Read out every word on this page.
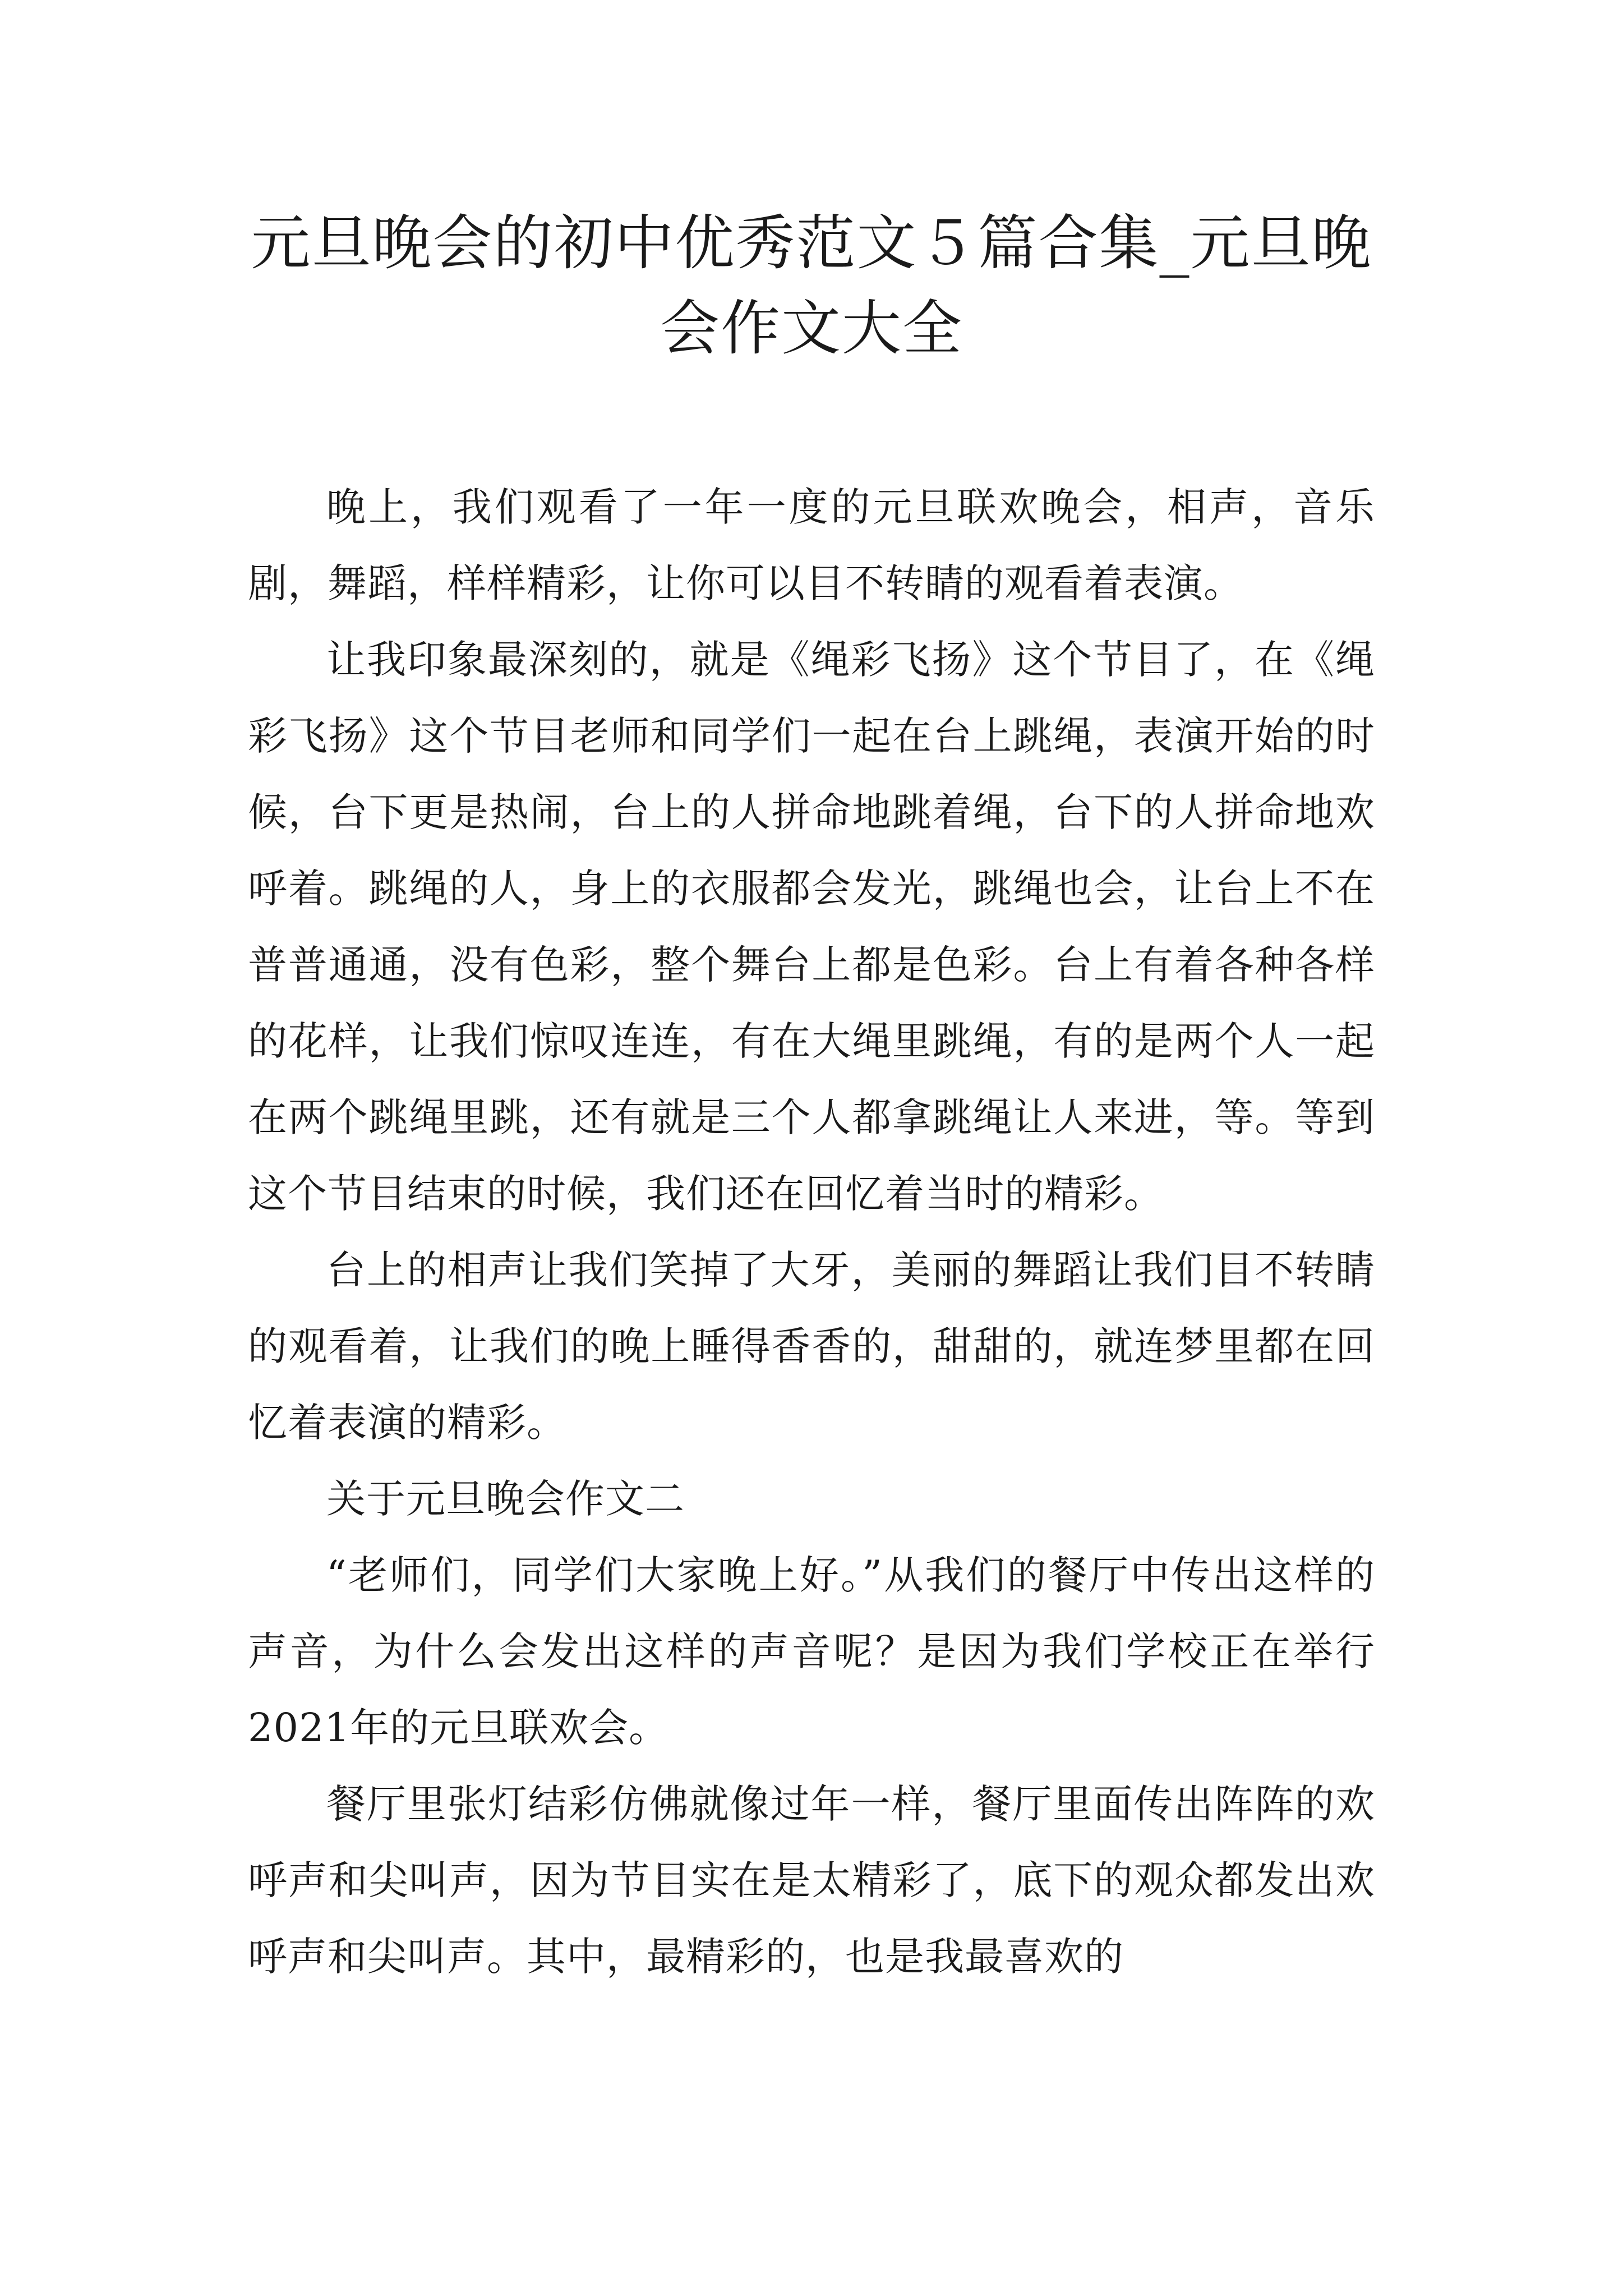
元旦晚会的初中优秀范文５篇合集_元旦晚
会作文大全

晚上，我们观看了一年一度的元旦联欢晚会，相声，音乐剧，舞蹈，样样精彩，让你可以目不转睛的观看着表演。

让我印象最深刻的，就是《绳彩飞扬》这个节目了，在《绳彩飞扬》这个节目老师和同学们一起在台上跳绳，表演开始的时候，台下更是热闹，台上的人拼命地跳着绳，台下的人拼命地欢呼着。跳绳的人，身上的衣服都会发光，跳绳也会，让台上不在普普通通，没有色彩，整个舞台上都是色彩。台上有着各种各样的花样，让我们惊叹连连，有在大绳里跳绳，有的是两个人一起在两个跳绳里跳，还有就是三个人都拿跳绳让人来进，等。等到这个节目结束的时候，我们还在回忆着当时的精彩。

台上的相声让我们笑掉了大牙，美丽的舞蹈让我们目不转睛的观看着，让我们的晚上睡得香香的，甜甜的，就连梦里都在回忆着表演的精彩。

关于元旦晚会作文二

“老师们，同学们大家晚上好。”从我们的餐厅中传出这样的声音，为什么会发出这样的声音呢？是因为我们学校正在举行2021年的元旦联欢会。

餐厅里张灯结彩仿佛就像过年一样，餐厅里面传出阵阵的欢呼声和尖叫声，因为节目实在是太精彩了，底下的观众都发出欢呼声和尖叫声。其中，最精彩的，也是我最喜欢的
